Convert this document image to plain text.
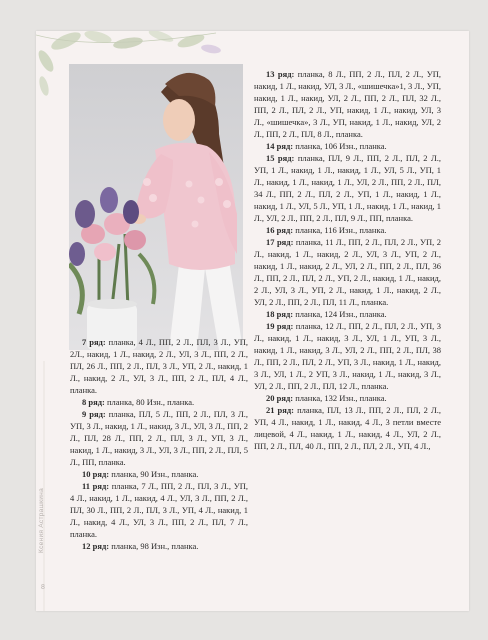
Ксения Астрашкина
8

7 ряд: планка, 4 Л., ПП, 2 Л., ПЛ, 3 Л., УП, 2Л., накид, 1 Л., накид, 2 Л., УЛ, 3 Л., ПП, 2 Л., ПЛ, 26 Л., ПП, 2 Л., ПЛ, 3 Л., УП, 2 Л., накид, 1 Л., накид, 2 Л., УЛ, 3 Л., ПП, 2 Л., ПЛ, 4 Л., планка.

8 ряд: планка, 80 Изн., планка.

9 ряд: планка, ПЛ, 5 Л., ПП, 2 Л., ПЛ, 3 Л., УП, 3 Л., накид, 1 Л., накид, 3 Л., УЛ, 3 Л., ПП, 2 Л., ПЛ, 28 Л., ПП, 2 Л., ПЛ, 3 Л., УП, 3 Л., накид, 1 Л., накид, 3 Л., УЛ, 3 Л., ПП, 2 Л., ПЛ, 5 Л., ПП, планка.

10 ряд: планка, 90 Изн., планка.

11 ряд: планка, 7 Л., ПП, 2 Л., ПЛ, 3 Л., УП, 4 Л., накид, 1 Л., накид, 4 Л., УЛ, 3 Л., ПП, 2 Л., ПЛ, 30 Л., ПП, 2 Л., ПЛ, 3 Л., УП, 4 Л., накид, 1 Л., накид, 4 Л., УЛ, 3 Л., ПП, 2 Л., ПЛ, 7 Л., планка.

12 ряд: планка, 98 Изн., планка.

13 ряд: планка, 8 Л., ПП, 2 Л., ПЛ, 2 Л., УП, накид, 1 Л., накид, УЛ, 3 Л., «шишечка»1, 3 Л., УП, накид, 1 Л., накид, УЛ, 2 Л., ПП, 2 Л., ПЛ, 32 Л., ПП, 2 Л., ПЛ, 2 Л., УП, накид, 1 Л., накид, УЛ, 3 Л., «шишечка», 3 Л., УП, накид, 1 Л., накид, УЛ, 2 Л., ПП, 2 Л., ПЛ, 8 Л., планка.

14 ряд: планка, 106 Изн., планка.

15 ряд: планка, ПЛ, 9 Л., ПП, 2 Л., ПЛ, 2 Л., УП, 1 Л., накид, 1 Л., накид, 1 Л., УЛ, 5 Л., УП, 1 Л., накид, 1 Л., накид, 1 Л., УЛ, 2 Л., ПП, 2 Л., ПЛ, 34 Л., ПП, 2 Л., ПЛ, 2 Л., УП, 1 Л., накид, 1 Л., накид, 1 Л., УЛ, 5 Л., УП, 1 Л., накид, 1 Л., накид, 1 Л., УЛ, 2 Л., ПП, 2 Л., ПЛ, 9 Л., ПП, планка.

16 ряд: планка, 116 Изн., планка.

17 ряд: планка, 11 Л., ПП, 2 Л., ПЛ, 2 Л., УП, 2 Л., накид, 1 Л., накид, 2 Л., УЛ, 3 Л., УП, 2 Л., накид, 1 Л., накид, 2 Л., УЛ, 2 Л., ПП, 2 Л., ПЛ, 36 Л., ПП, 2 Л., ПЛ, 2 Л., УП, 2 Л., накид, 1 Л., накид, 2 Л., УЛ, 3 Л., УП, 2 Л., накид, 1 Л., накид, 2 Л., УЛ, 2 Л., ПП, 2 Л., ПЛ, 11 Л., планка.

18 ряд: планка, 124 Изн., планка.

19 ряд: планка, 12 Л., ПП, 2 Л., ПЛ, 2 Л., УП, 3 Л., накид, 1 Л., накид, 3 Л., УЛ, 1 Л., УП, 3 Л., накид, 1 Л., накид, 3 Л., УЛ, 2 Л., ПП, 2 Л., ПЛ, 38 Л., ПП, 2 Л., ПЛ, 2 Л., УП, 3 Л., накид, 1 Л., накид, 3 Л., УЛ, 1 Л., 2 УП, 3 Л., накид, 1 Л., накид, 3 Л., УЛ, 2 Л., ПП, 2 Л., ПЛ, 12 Л., планка.

20 ряд: планка, 132 Изн., планка.

21 ряд: планка, ПЛ, 13 Л., ПП, 2 Л., ПЛ, 2 Л., УП, 4 Л., накид, 1 Л., накид, 4 Л., 3 петли вместе лицевой, 4 Л., накид, 1 Л., накид, 4 Л., УЛ, 2 Л., ПП, 2 Л., ПЛ, 40 Л., ПП, 2 Л., ПЛ, 2 Л., УП, 4 Л.,
